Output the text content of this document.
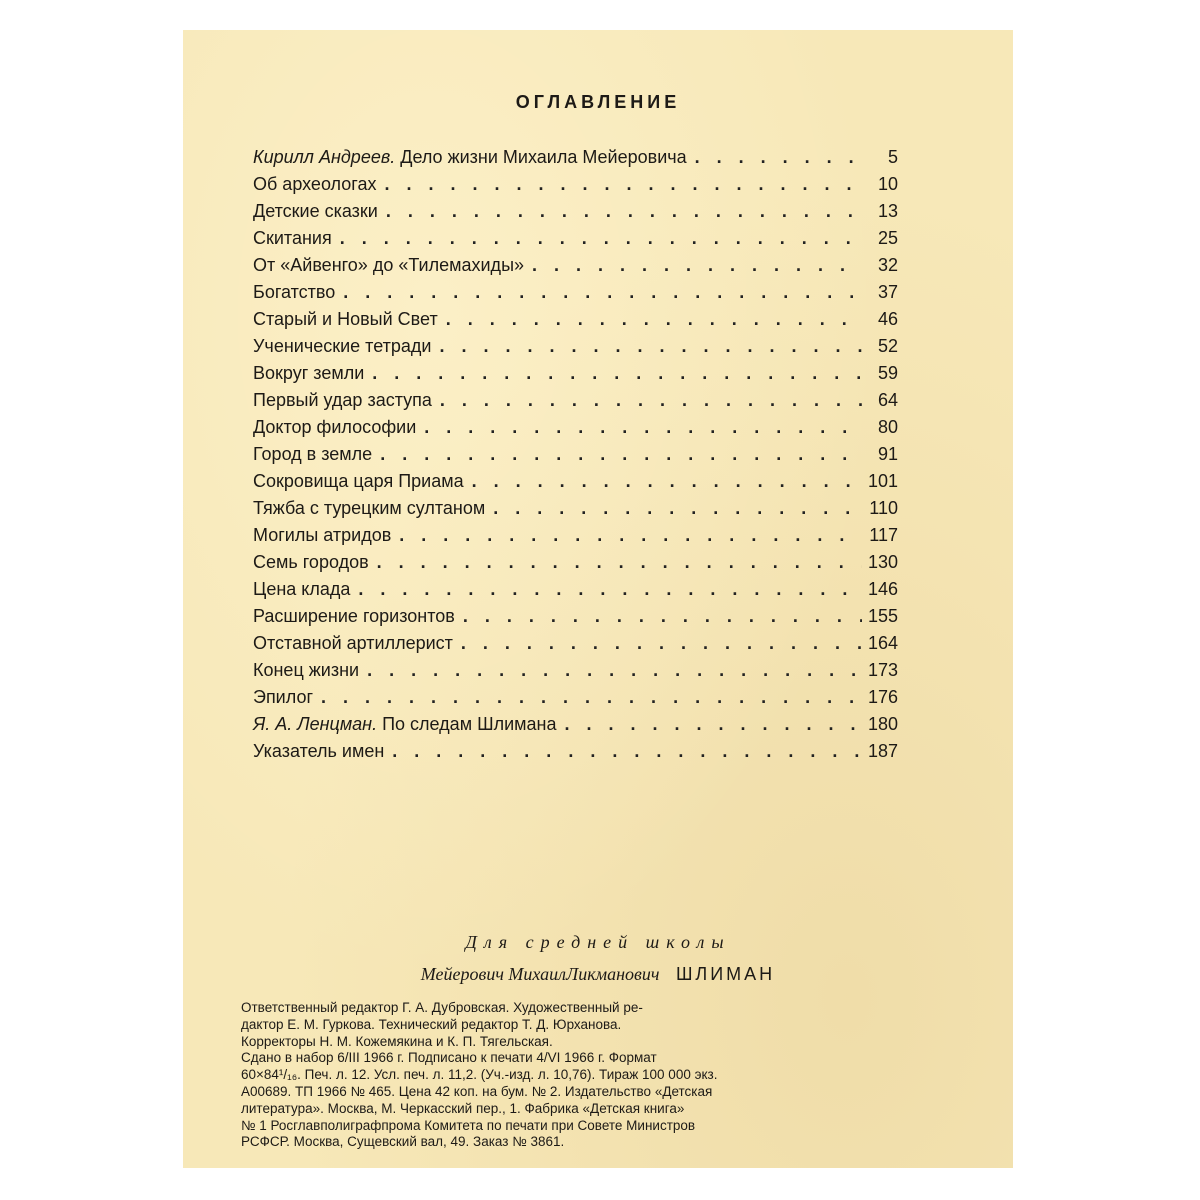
ОГЛАВЛЕНИЕ
Кирилл Андреев. Дело жизни Михаила Мейеровича . . .	5
Об археологах . . .	10
Детские сказки . . .	13
Скитания . . .	25
От «Айвенго» до «Тилемахиды» . . .	32
Богатство . . .	37
Старый и Новый Свет . . .	46
Ученические тетради . . .	52
Вокруг земли . . .	59
Первый удар заступа . . .	64
Доктор философии . . .	80
Город в земле . . .	91
Сокровища царя Приама . . .	101
Тяжба с турецким султаном . . .	110
Могилы атридов . . .	117
Семь городов . . .	130
Цена клада . . .	146
Расширение горизонтов . . .	155
Отставной артиллерист . . .	164
Конец жизни . . .	173
Эпилог . . .	176
Я. А. Ленцман. По следам Шлимана . . .	180
Указатель имен . . .	187
Для средней школы
Мейерович МихаилЛикманович ШЛИМАН
Ответственный редактор Г. А. Дубровская. Художественный ре-
дактор Е. М. Гуркова. Технический редактор Т. Д. Юрханова.
Корректоры Н. М. Кожемякина и К. П. Тягельская.
Сдано в набор 6/III 1966 г. Подписано к печати 4/VI 1966 г. Формат
60×84¹/₁₆. Печ. л. 12. Усл. печ. л. 11,2. (Уч.-изд. л. 10,76). Тираж 100 000 экз.
А00689. ТП 1966 № 465. Цена 42 коп. на бум. № 2. Издательство «Детская
литература». Москва, М. Черкасский пер., 1. Фабрика «Детская книга»
№ 1 Росглавполиграфпрома Комитета по печати при Совете Министров
РСФСР. Москва, Сущевский вал, 49. Заказ № 3861.
